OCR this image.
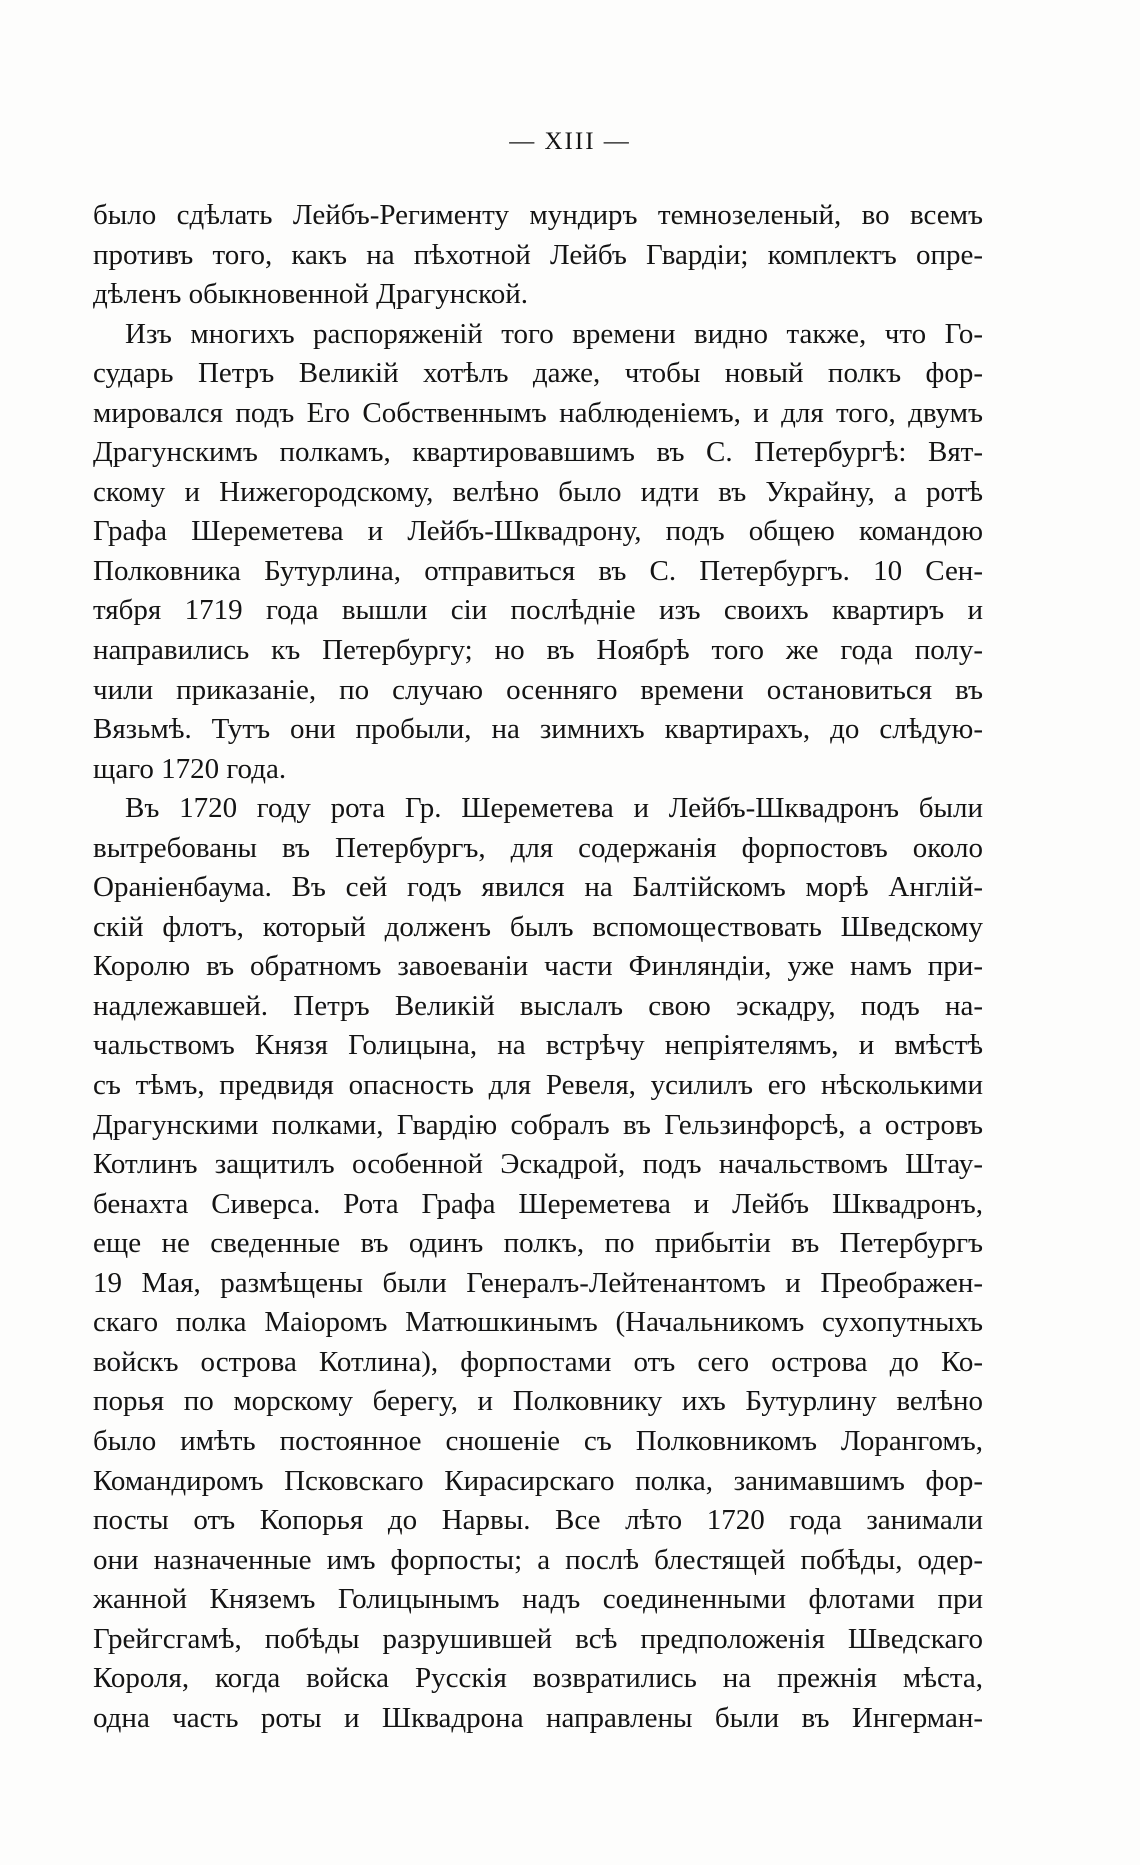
— XIII —
было сдѣлать Лейбъ-Регименту мундиръ темнозеленый, во всемъ
противъ того, какъ на пѣхотной Лейбъ Гвардіи; комплектъ опре-
дѣленъ обыкновенной Драгунской.
Изъ многихъ распоряженій того времени видно также, что Го-
сударь Петръ Великій хотѣлъ даже, чтобы новый полкъ фор-
мировался подъ Его Собственнымъ наблюденіемъ, и для того, двумъ
Драгунскимъ полкамъ, квартировавшимъ въ С. Петербургѣ: Вят-
скому и Нижегородскому, велѣно было идти въ Украйну, а ротѣ
Графа Шереметева и Лейбъ-Шквадрону, подъ общею командою
Полковника Бутурлина, отправиться въ С. Петербургъ. 10 Сен-
тября 1719 года вышли сіи послѣдніе изъ своихъ квартиръ и
направились къ Петербургу; но въ Ноябрѣ того же года полу-
чили приказаніе, по случаю осенняго времени остановиться въ
Вязьмѣ. Тутъ они пробыли, на зимнихъ квартирахъ, до слѣдую-
щаго 1720 года.
Въ 1720 году рота Гр. Шереметева и Лейбъ-Шквадронъ были
вытребованы въ Петербургъ, для содержанія форпостовъ около
Ораніенбаума. Въ сей годъ явился на Балтійскомъ морѣ Англій-
скій флотъ, который долженъ былъ вспомоществовать Шведскому
Королю въ обратномъ завоеваніи части Финляндіи, уже намъ при-
надлежавшей. Петръ Великій выслалъ свою эскадру, подъ на-
чальствомъ Князя Голицына, на встрѣчу непріятелямъ, и вмѣстѣ
съ тѣмъ, предвидя опасность для Ревеля, усилилъ его нѣсколькими
Драгунскими полками, Гвардію собралъ въ Гельзинфорсѣ, а островъ
Котлинъ защитилъ особенной Эскадрой, подъ начальствомъ Штау-
бенахта Сиверса. Рота Графа Шереметева и Лейбъ Шквадронъ,
еще не сведенные въ одинъ полкъ, по прибытіи въ Петербургъ
19 Мая, размѣщены были Генералъ-Лейтенантомъ и Преображен-
скаго полка Маіоромъ Матюшкинымъ (Начальникомъ сухопутныхъ
войскъ острова Котлина), форпостами отъ сего острова до Ко-
порья по морскому берегу, и Полковнику ихъ Бутурлину велѣно
было имѣть постоянное сношеніе съ Полковникомъ Лорангомъ,
Командиромъ Псковскаго Кирасирскаго полка, занимавшимъ фор-
посты отъ Копорья до Нарвы. Все лѣто 1720 года занимали
они назначенные имъ форпосты; а послѣ блестящей побѣды, одер-
жанной Княземъ Голицынымъ надъ соединенными флотами при
Грейгсгамѣ, побѣды разрушившей всѣ предположенія Шведскаго
Короля, когда войска Русскія возвратились на прежнія мѣста,
одна часть роты и Шквадрона направлены были въ Ингерман-
